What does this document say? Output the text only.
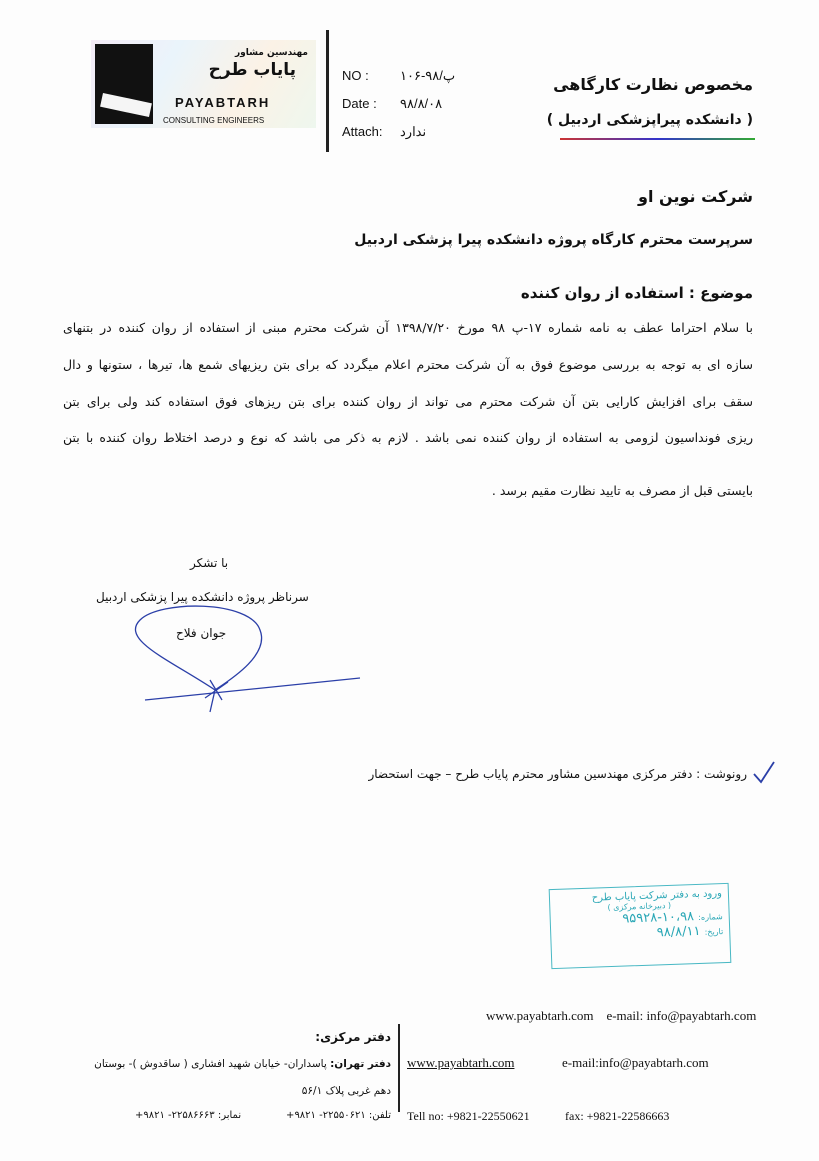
مهندسین مشاور
پایاب طرح
PAYABTARH
CONSULTING ENGINEERS
NO : پ/۹۸-۱۰۶
Date : ۹۸/۸/۰۸
Attach: ندارد
مخصوص نظارت کارگاهی
( دانشکده پیراپزشکی اردبیل )
شرکت نوین او
سرپرست محترم کارگاه پروژه دانشکده پیرا پزشکی اردبیل
موضوع : استفاده از روان کننده
با سلام احتراما عطف به نامه شماره ۱۷-پ ۹۸ مورخ ۱۳۹۸/۷/۲۰ آن شرکت محترم مبنی از استفاده از روان کننده در بتنهای
سازه ای به توجه به بررسی موضوع فوق به آن شرکت محترم اعلام میگردد که برای بتن ریزیهای شمع ها، تیرها ، ستونها و دال
سقف برای افزایش کارایی بتن آن شرکت محترم می تواند از روان کننده برای بتن ریزهای فوق استفاده کند ولی برای بتن
ریزی فونداسیون لزومی به استفاده از روان کننده نمی باشد . لازم به ذکر می باشد که نوع و درصد اختلاط روان کننده با بتن
بایستی قبل از مصرف به تایید نظارت مقیم برسد .
با تشکر
سرناظر پروژه دانشکده پیرا پزشکی اردبیل
جوان فلاح
رونوشت : دفتر مرکزی مهندسین مشاور محترم پایاب طرح – جهت استحضار
ورود به دفتر شرکت پایاب طرح
( دبیرخانه مرکزی )
شماره: ۱۰،۹۸-۹۵۹۲۸
تاریخ: ۹۸/۸/۱۱
www.payabtarh.com e-mail: info@payabtarh.com
دفتر مرکزی:
دفتر تهران: پاسداران- خیابان شهید افشاری ( ساقدوش )- بوستان
دهم غربی پلاک ۵۶/۱
تلفن: ۲۲۵۵۰۶۲۱- ۹۸۲۱+
نمابر: ۲۲۵۸۶۶۶۳- ۹۸۲۱+
www.payabtarh.com	e-mail:info@payabtarh.com
Tell no: +9821-22550621	fax: +9821-22586663
